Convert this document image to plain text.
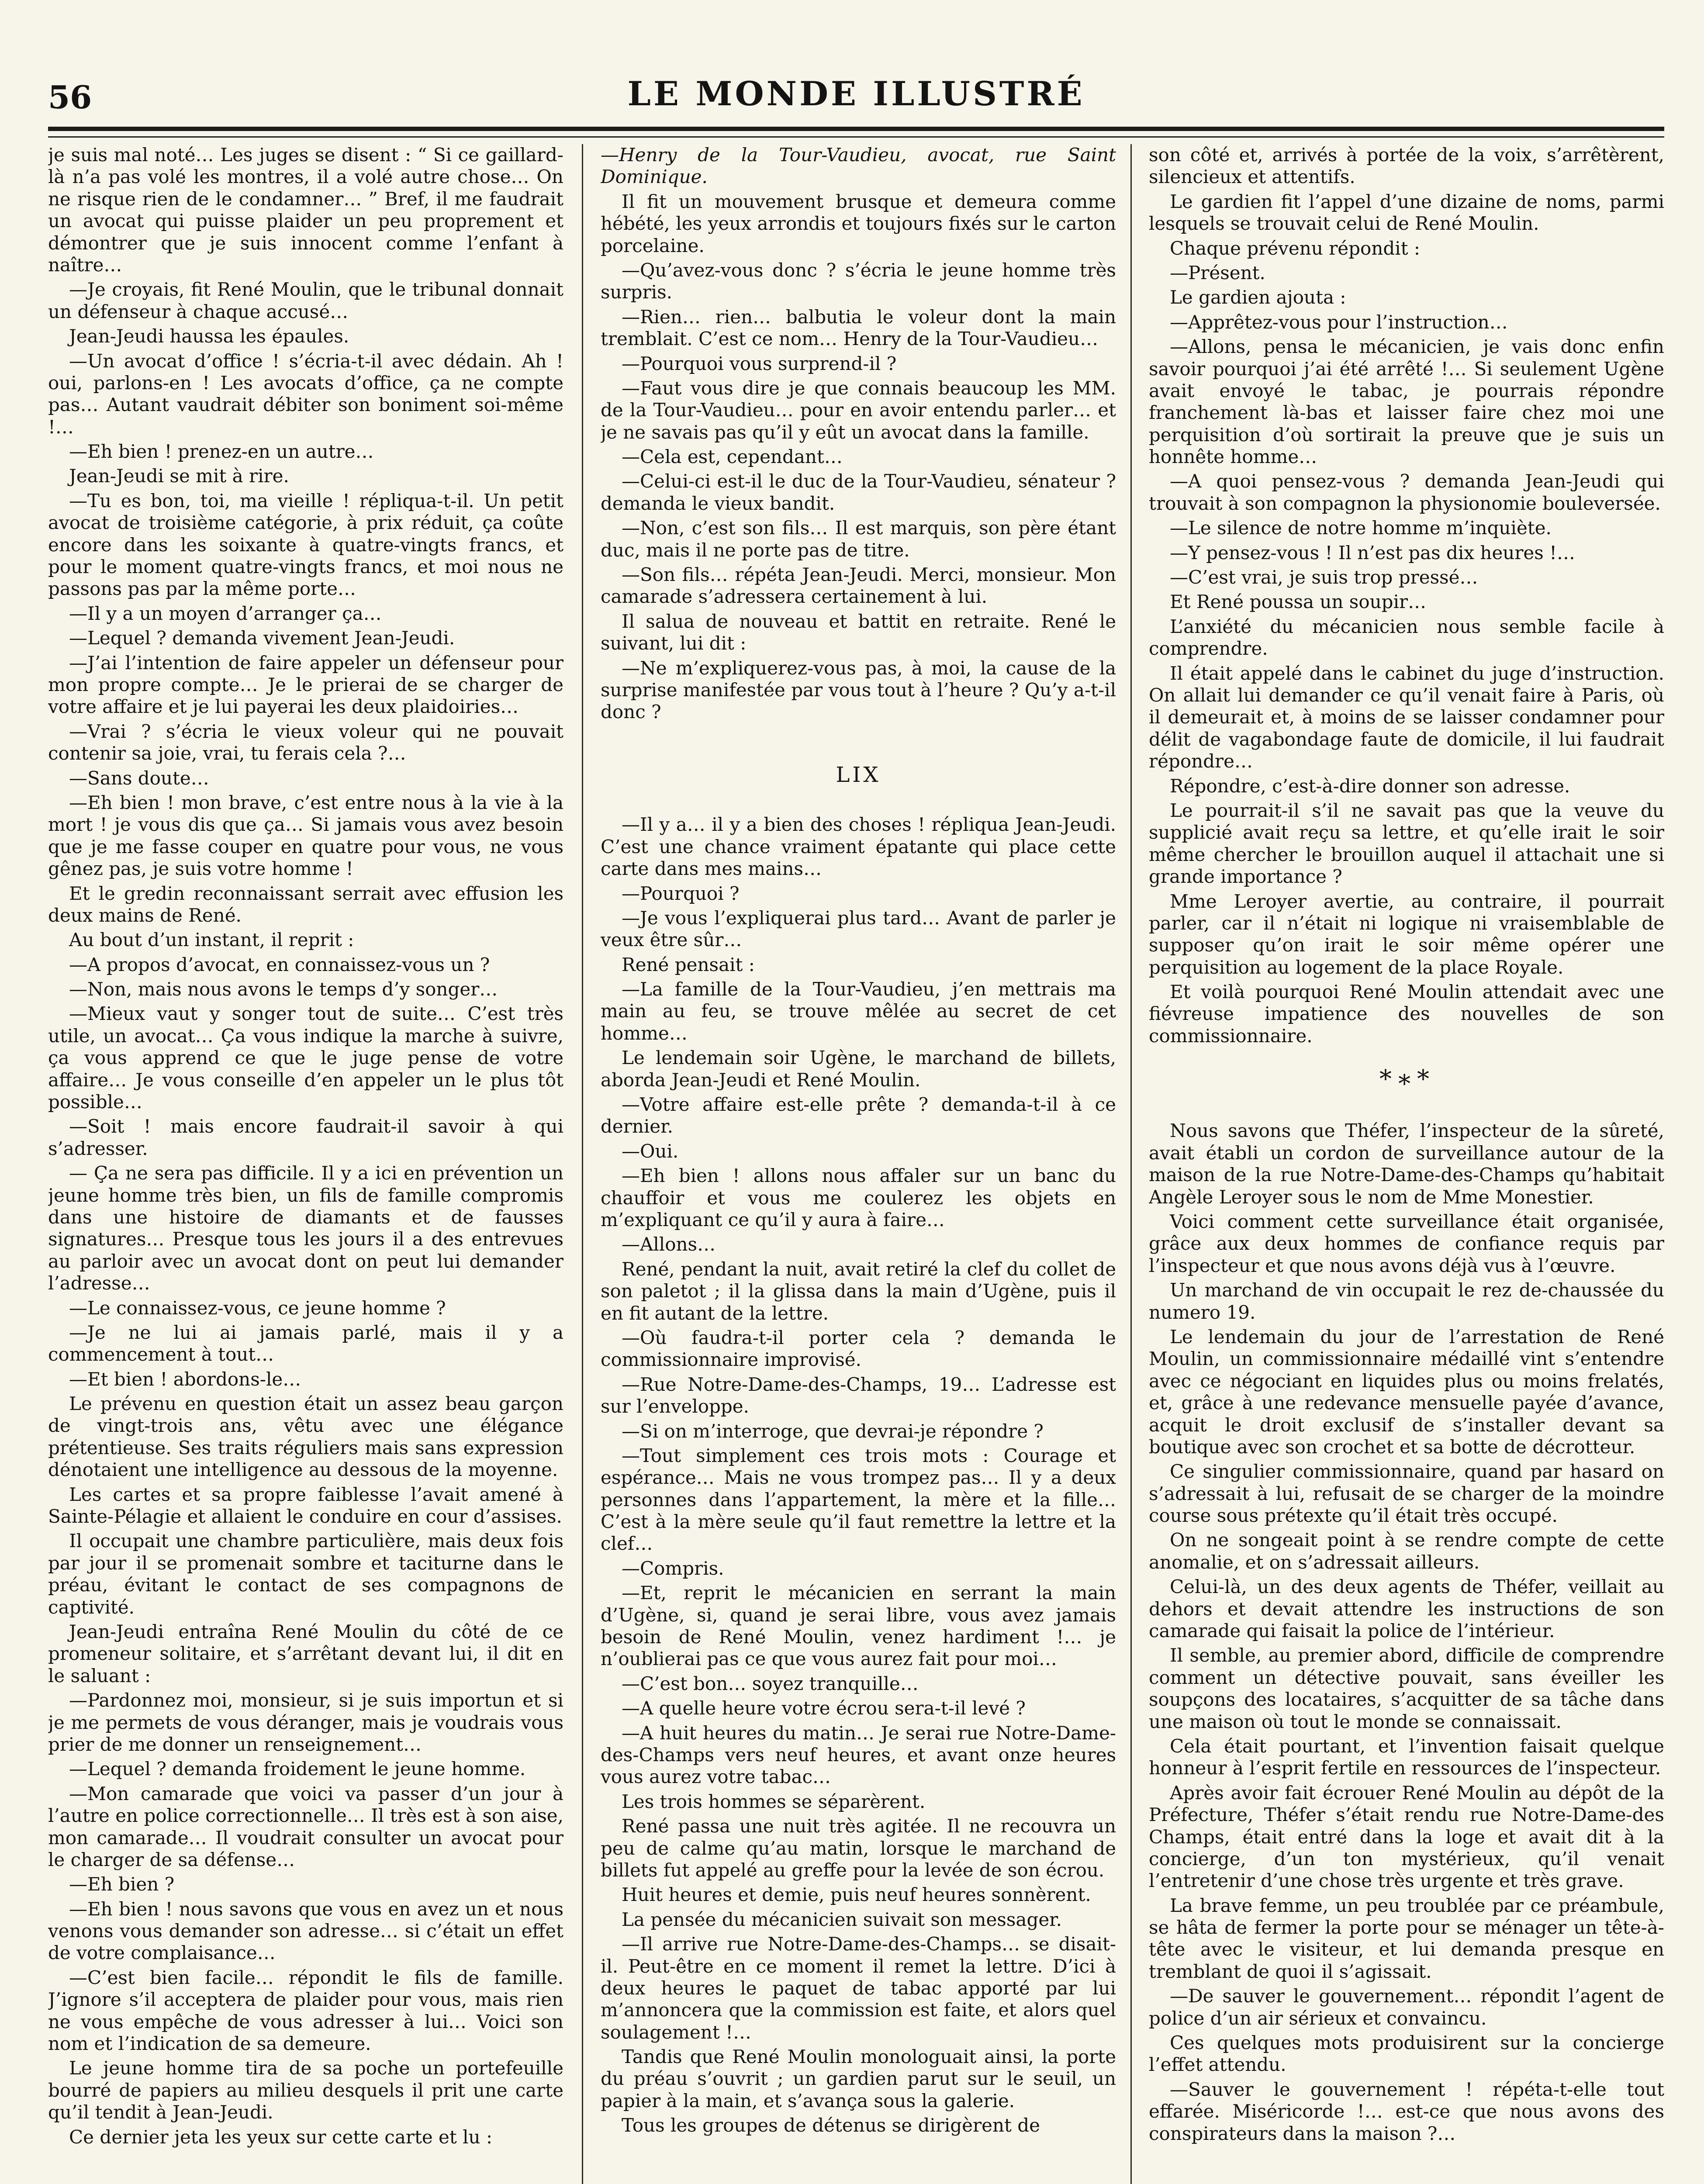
56	LE MONDE ILLUSTRÉ

je suis mal noté… Les juges se disent : “ Si ce gaillard-là n’a pas volé les montres, il a volé autre chose… On ne risque rien de le condamner… ” Bref, il me faudrait un avocat qui puisse plaider un peu proprement et démontrer que je suis innocent comme l’enfant à naître…

—Je croyais, fit René Moulin, que le tribunal donnait un défenseur à chaque accusé…

Jean-Jeudi haussa les épaules.

—Un avocat d’office ! s’écria-t-il avec dédain. Ah ! oui, parlons-en ! Les avocats d’office, ça ne compte pas… Autant vaudrait débiter son boniment soi-même !…

—Eh bien ! prenez-en un autre…

Jean-Jeudi se mit à rire.

—Tu es bon, toi, ma vieille ! répliqua-t-il. Un petit avocat de troisième catégorie, à prix réduit, ça coûte encore dans les soixante à quatre-vingts francs, et pour le moment quatre-vingts francs, et moi nous ne passons pas par la même porte…

—Il y a un moyen d’arranger ça…

—Lequel ? demanda vivement Jean-Jeudi.

—J’ai l’intention de faire appeler un défenseur pour mon propre compte… Je le prierai de se charger de votre affaire et je lui payerai les deux plaidoiries…

—Vrai ? s’écria le vieux voleur qui ne pouvait contenir sa joie, vrai, tu ferais cela ?…

—Sans doute…

—Eh bien ! mon brave, c’est entre nous à la vie à la mort ! je vous dis que ça… Si jamais vous avez besoin que je me fasse couper en quatre pour vous, ne vous gênez pas, je suis votre homme !

Et le gredin reconnaissant serrait avec effusion les deux mains de René.

Au bout d’un instant, il reprit :

—A propos d’avocat, en connaissez-vous un ?

—Non, mais nous avons le temps d’y songer…

—Mieux vaut y songer tout de suite… C’est très utile, un avocat… Ça vous indique la marche à suivre, ça vous apprend ce que le juge pense de votre affaire… Je vous conseille d’en appeler un le plus tôt possible…

—Soit ! mais encore faudrait-il savoir à qui s’adresser.

— Ça ne sera pas difficile. Il y a ici en prévention un jeune homme très bien, un fils de famille compromis dans une histoire de diamants et de fausses signatures… Presque tous les jours il a des entrevues au parloir avec un avocat dont on peut lui demander l’adresse…

—Le connaissez-vous, ce jeune homme ?

—Je ne lui ai jamais parlé, mais il y a commencement à tout…

—Et bien ! abordons-le…

Le prévenu en question était un assez beau garçon de vingt-trois ans, vêtu avec une élégance prétentieuse. Ses traits réguliers mais sans expression dénotaient une intelligence au dessous de la moyenne.

Les cartes et sa propre faiblesse l’avait amené à Sainte-Pélagie et allaient le conduire en cour d’assises.

Il occupait une chambre particulière, mais deux fois par jour il se promenait sombre et taciturne dans le préau, évitant le contact de ses compagnons de captivité.

Jean-Jeudi entraîna René Moulin du côté de ce promeneur solitaire, et s’arrêtant devant lui, il dit en le saluant :

—Pardonnez moi, monsieur, si je suis importun et si je me permets de vous déranger, mais je voudrais vous prier de me donner un renseignement…

—Lequel ? demanda froidement le jeune homme.

—Mon camarade que voici va passer d’un jour à l’autre en police correctionnelle… Il très est à son aise, mon camarade… Il voudrait consulter un avocat pour le charger de sa défense…

—Eh bien ?

—Eh bien ! nous savons que vous en avez un et nous venons vous demander son adresse… si c’était un effet de votre complaisance…

—C’est bien facile… répondit le fils de famille. J’ignore s’il acceptera de plaider pour vous, mais rien ne vous empêche de vous adresser à lui… Voici son nom et l’indication de sa demeure.

Le jeune homme tira de sa poche un portefeuille bourré de papiers au milieu desquels il prit une carte qu’il tendit à Jean-Jeudi.

Ce dernier jeta les yeux sur cette carte et lu :

—Henry de la Tour-Vaudieu, avocat, rue Saint Dominique.

Il fit un mouvement brusque et demeura comme hébété, les yeux arrondis et toujours fixés sur le carton porcelaine.

—Qu’avez-vous donc ? s’écria le jeune homme très surpris.

—Rien… rien… balbutia le voleur dont la main tremblait. C’est ce nom… Henry de la Tour-Vaudieu…

—Pourquoi vous surprend-il ?

—Faut vous dire je que connais beaucoup les MM. de la Tour-Vaudieu… pour en avoir entendu parler… et je ne savais pas qu’il y eût un avocat dans la famille.

—Cela est, cependant…

—Celui-ci est-il le duc de la Tour-Vaudieu, sénateur ? demanda le vieux bandit.

—Non, c’est son fils… Il est marquis, son père étant duc, mais il ne porte pas de titre.

—Son fils… répéta Jean-Jeudi. Merci, monsieur. Mon camarade s’adressera certainement à lui.

Il salua de nouveau et battit en retraite. René le suivant, lui dit :

—Ne m’expliquerez-vous pas, à moi, la cause de la surprise manifestée par vous tout à l’heure ? Qu’y a-t-il donc ?

LIX

—Il y a… il y a bien des choses ! répliqua Jean-Jeudi. C’est une chance vraiment épatante qui place cette carte dans mes mains…

—Pourquoi ?

—Je vous l’expliquerai plus tard… Avant de parler je veux être sûr…

René pensait :

—La famille de la Tour-Vaudieu, j’en mettrais ma main au feu, se trouve mêlée au secret de cet homme…

Le lendemain soir Ugène, le marchand de billets, aborda Jean-Jeudi et René Moulin.

—Votre affaire est-elle prête ? demanda-t-il à ce dernier.

—Oui.

—Eh bien ! allons nous affaler sur un banc du chauffoir et vous me coulerez les objets en m’expliquant ce qu’il y aura à faire…

—Allons…

René, pendant la nuit, avait retiré la clef du collet de son paletot ; il la glissa dans la main d’Ugène, puis il en fit autant de la lettre.

—Où faudra-t-il porter cela ? demanda le commissionnaire improvisé.

—Rue Notre-Dame-des-Champs, 19… L’adresse est sur l’enveloppe.

—Si on m’interroge, que devrai-je répondre ?

—Tout simplement ces trois mots : Courage et espérance… Mais ne vous trompez pas… Il y a deux personnes dans l’appartement, la mère et la fille… C’est à la mère seule qu’il faut remettre la lettre et la clef…

—Compris.

—Et, reprit le mécanicien en serrant la main d’Ugène, si, quand je serai libre, vous avez jamais besoin de René Moulin, venez hardiment !… je n’oublierai pas ce que vous aurez fait pour moi…

—C’est bon… soyez tranquille…

—A quelle heure votre écrou sera-t-il levé ?

—A huit heures du matin… Je serai rue Notre-Dame-des-Champs vers neuf heures, et avant onze heures vous aurez votre tabac…

Les trois hommes se séparèrent.

René passa une nuit très agitée. Il ne recouvra un peu de calme qu’au matin, lorsque le marchand de billets fut appelé au greffe pour la levée de son écrou.

Huit heures et demie, puis neuf heures sonnèrent.

La pensée du mécanicien suivait son messager.

—Il arrive rue Notre-Dame-des-Champs… se disait-il. Peut-être en ce moment il remet la lettre. D’ici à deux heures le paquet de tabac apporté par lui m’annoncera que la commission est faite, et alors quel soulagement !…

Tandis que René Moulin monologuait ainsi, la porte du préau s’ouvrit ; un gardien parut sur le seuil, un papier à la main, et s’avança sous la galerie.

Tous les groupes de détenus se dirigèrent de

son côté et, arrivés à portée de la voix, s’arrêtèrent, silencieux et attentifs.

Le gardien fit l’appel d’une dizaine de noms, parmi lesquels se trouvait celui de René Moulin.

Chaque prévenu répondit :

—Présent.

Le gardien ajouta :

—Apprêtez-vous pour l’instruction…

—Allons, pensa le mécanicien, je vais donc enfin savoir pourquoi j’ai été arrêté !… Si seulement Ugène avait envoyé le tabac, je pourrais répondre franchement là-bas et laisser faire chez moi une perquisition d’où sortirait la preuve que je suis un honnête homme…

—A quoi pensez-vous ? demanda Jean-Jeudi qui trouvait à son compagnon la physionomie bouleversée.

—Le silence de notre homme m’inquiète.

—Y pensez-vous ! Il n’est pas dix heures !…

—C’est vrai, je suis trop pressé…

Et René poussa un soupir…

L’anxiété du mécanicien nous semble facile à comprendre.

Il était appelé dans le cabinet du juge d’instruction. On allait lui demander ce qu’il venait faire à Paris, où il demeurait et, à moins de se laisser condamner pour délit de vagabondage faute de domicile, il lui faudrait répondre…

Répondre, c’est-à-dire donner son adresse.

Le pourrait-il s’il ne savait pas que la veuve du supplicié avait reçu sa lettre, et qu’elle irait le soir même chercher le brouillon auquel il attachait une si grande importance ?

Mme Leroyer avertie, au contraire, il pourrait parler, car il n’était ni logique ni vraisemblable de supposer qu’on irait le soir même opérer une perquisition au logement de la place Royale.

Et voilà pourquoi René Moulin attendait avec une fiévreuse impatience des nouvelles de son commissionnaire.

*∗*

Nous savons que Théfer, l’inspecteur de la sûreté, avait établi un cordon de surveillance autour de la maison de la rue Notre-Dame-des-Champs qu’habitait Angèle Leroyer sous le nom de Mme Monestier.

Voici comment cette surveillance était organisée, grâce aux deux hommes de confiance requis par l’inspecteur et que nous avons déjà vus à l’œuvre.

Un marchand de vin occupait le rez de-chaussée du numero 19.

Le lendemain du jour de l’arrestation de René Moulin, un commissionnaire médaillé vint s’entendre avec ce négociant en liquides plus ou moins frelatés, et, grâce à une redevance mensuelle payée d’avance, acquit le droit exclusif de s’installer devant sa boutique avec son crochet et sa botte de décrotteur.

Ce singulier commissionnaire, quand par hasard on s’adressait à lui, refusait de se charger de la moindre course sous prétexte qu’il était très occupé.

On ne songeait point à se rendre compte de cette anomalie, et on s’adressait ailleurs.

Celui-là, un des deux agents de Théfer, veillait au dehors et devait attendre les instructions de son camarade qui faisait la police de l’intérieur.

Il semble, au premier abord, difficile de comprendre comment un détective pouvait, sans éveiller les soupçons des locataires, s’acquitter de sa tâche dans une maison où tout le monde se connaissait.

Cela était pourtant, et l’invention faisait quelque honneur à l’esprit fertile en ressources de l’inspecteur.

Après avoir fait écrouer René Moulin au dépôt de la Préfecture, Théfer s’était rendu rue Notre-Dame-des Champs, était entré dans la loge et avait dit à la concierge, d’un ton mystérieux, qu’il venait l’entretenir d’une chose très urgente et très grave.

La brave femme, un peu troublée par ce préambule, se hâta de fermer la porte pour se ménager un tête-à-tête avec le visiteur, et lui demanda presque en tremblant de quoi il s’agissait.

—De sauver le gouvernement… répondit l’agent de police d’un air sérieux et convaincu.

Ces quelques mots produisirent sur la concierge l’effet attendu.

—Sauver le gouvernement ! répéta-t-elle tout effarée. Miséricorde !… est-ce que nous avons des conspirateurs dans la maison ?…
